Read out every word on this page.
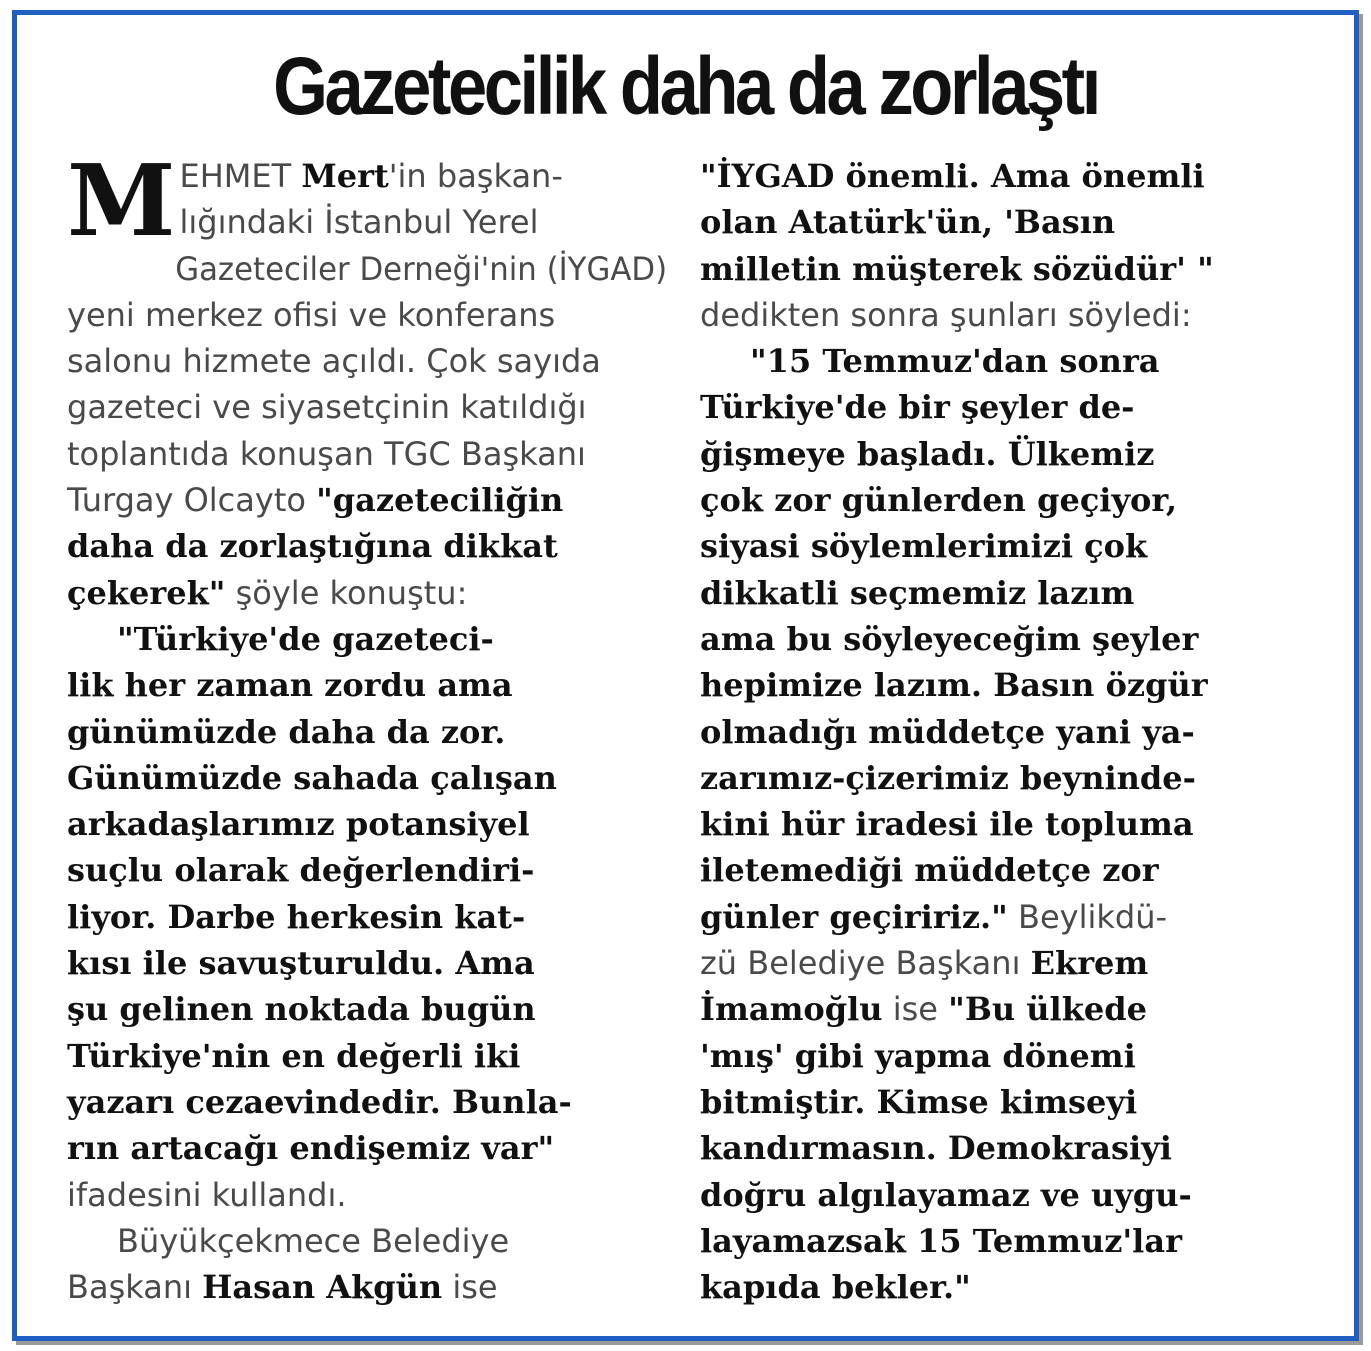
Gazetecilik daha da zorlaştı
M EHMET Mert'in başkan-
lığındaki İstanbul Yerel
Gazeteciler Derneği'nin (İYGAD)
yeni merkez ofisi ve konferans
salonu hizmete açıldı. Çok sayıda
gazeteci ve siyasetçinin katıldığı
toplantıda konuşan TGC Başkanı
Turgay Olcayto "gazeteciliğin
daha da zorlaştığına dikkat
çekerek" şöyle konuştu:
"Türkiye'de gazeteci-
lik her zaman zordu ama
günümüzde daha da zor.
Günümüzde sahada çalışan
arkadaşlarımız potansiyel
suçlu olarak değerlendiri-
liyor. Darbe herkesin kat-
kısı ile savuşturuldu. Ama
şu gelinen noktada bugün
Türkiye'nin en değerli iki
yazarı cezaevindedir. Bunla-
rın artacağı endişemiz var"
ifadesini kullandı.
Büyükçekmece Belediye
Başkanı Hasan Akgün ise
"İYGAD önemli. Ama önemli
olan Atatürk'ün, 'Basın
milletin müşterek sözüdür' "
dedikten sonra şunları söyledi:
"15 Temmuz'dan sonra
Türkiye'de bir şeyler de-
ğişmeye başladı. Ülkemiz
çok zor günlerden geçiyor,
siyasi söylemlerimizi çok
dikkatli seçmemiz lazım
ama bu söyleyeceğim şeyler
hepimize lazım. Basın özgür
olmadığı müddetçe yani ya-
zarımız-çizerimiz beyninde-
kini hür iradesi ile topluma
iletemediği müddetçe zor
günler geçiririz." Beylikdü-
zü Belediye Başkanı Ekrem
İmamoğlu ise "Bu ülkede
'mış' gibi yapma dönemi
bitmiştir. Kimse kimseyi
kandırmasın. Demokrasiyi
doğru algılayamaz ve uygu-
layamazsak 15 Temmuz'lar
kapıda bekler."
